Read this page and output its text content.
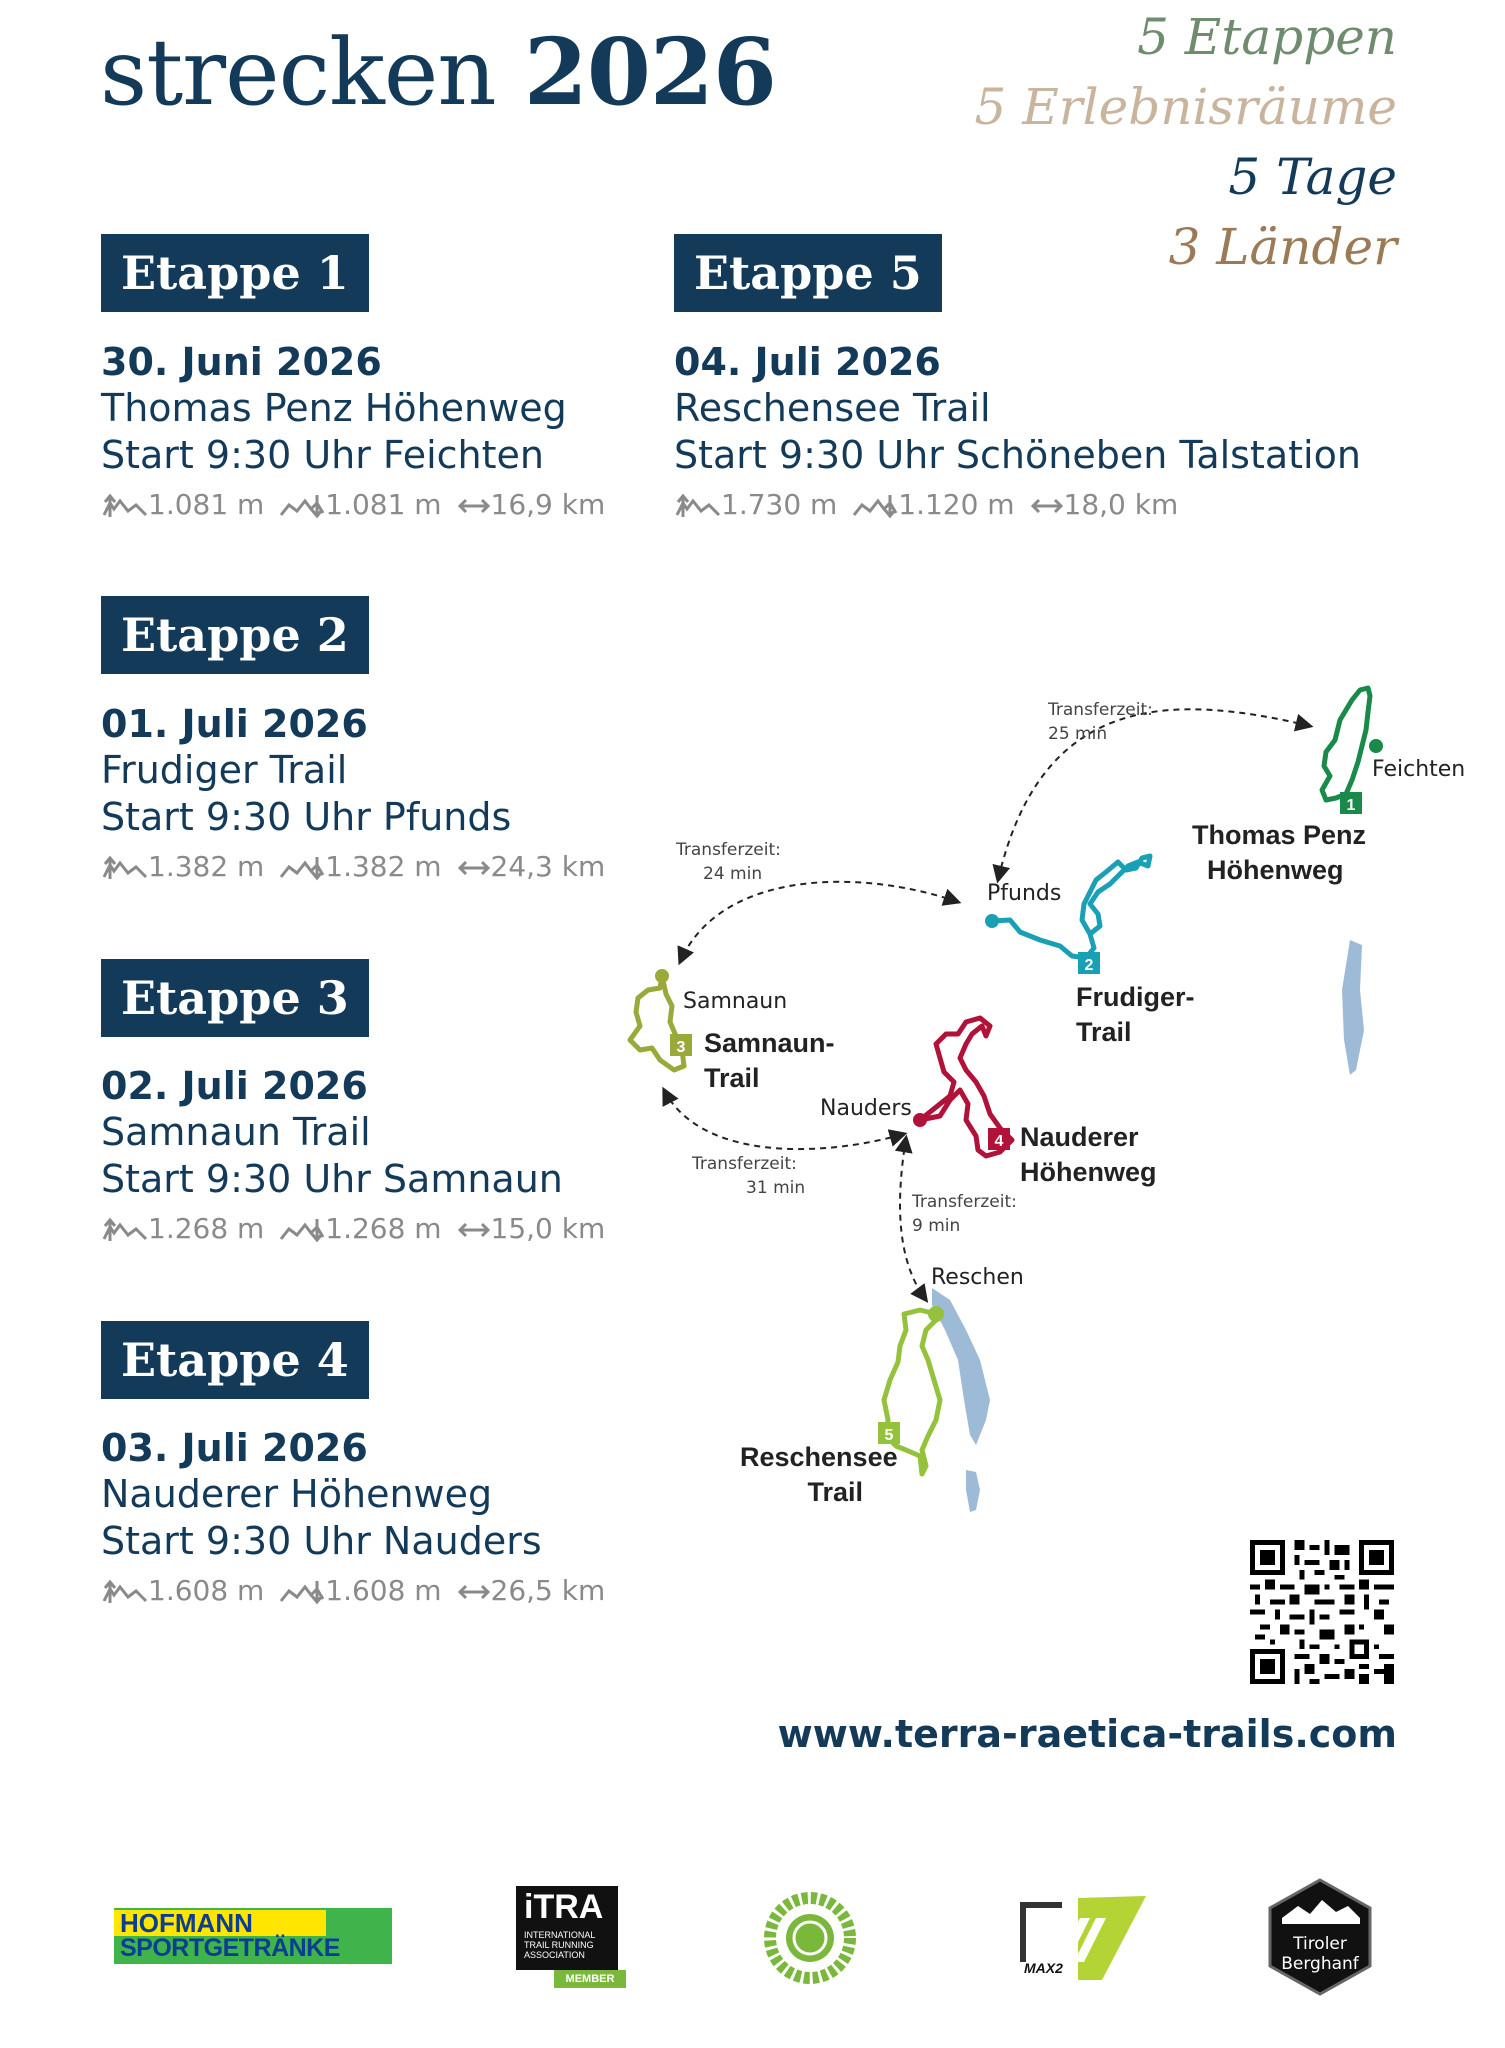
strecken 2026	5 Etappen
5 Erlebnisräume
5 Tage
3 Länder
Etappe 1
30. Juni 2026
Thomas Penz Höhenweg
Start 9:30 Uhr Feichten
1.081 m 1.081 m 16,9 km
Etappe 5
04. Juli 2026
Reschensee Trail
Start 9:30 Uhr Schöneben Talstation
1.730 m 1.120 m 18,0 km
Etappe 2
01. Juli 2026
Frudiger Trail
Start 9:30 Uhr Pfunds
1.382 m 1.382 m 24,3 km
Etappe 3
02. Juli 2026
Samnaun Trail
Start 9:30 Uhr Samnaun
1.268 m 1.268 m 15,0 km
Etappe 4
03. Juli 2026
Nauderer Höhenweg
Start 9:30 Uhr Nauders
1.608 m 1.608 m 26,5 km
1
2
3
4
5
Feichten
Pfunds
Samnaun
Nauders
Reschen
Thomas Penz
Höhenweg
Frudiger-
Trail
Samnaun-
Trail
Nauderer
Höhenweg
Reschensee
Trail
Transferzeit:
25 min
Transferzeit:
24 min
Transferzeit:
31 min
Transferzeit:
9 min
www.terra-raetica-trails.com
HOFMANN
SPORTGETRÄNKE
iTRA
INTERNATIONAL
TRAIL RUNNING
ASSOCIATION
MEMBER
MAX2
Tiroler
Berghanf
